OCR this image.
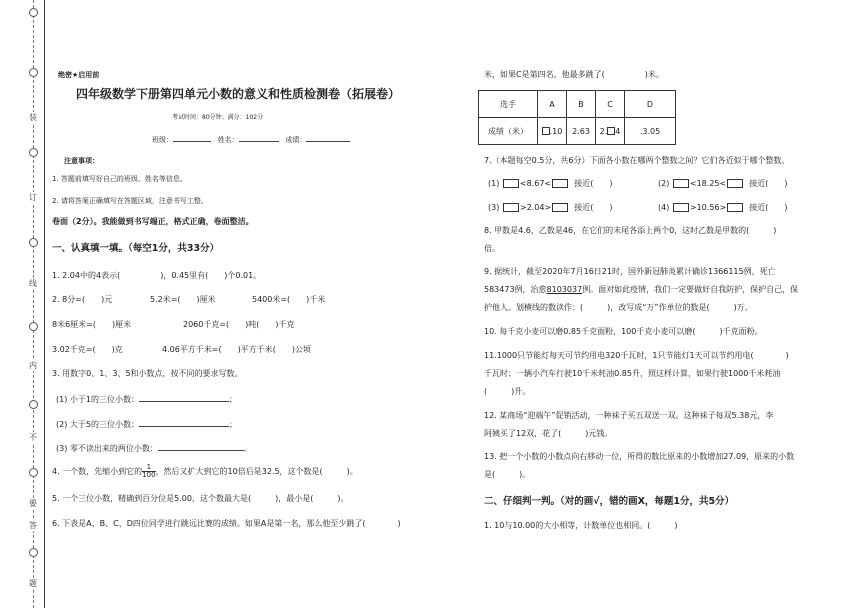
装
订
线
内
不
要
答
题
绝密★启用前
四年级数学下册第四单元小数的意义和性质检测卷（拓展卷）
考试时间：80分钟；满分：102分
班级：	姓名：	成绩：
注意事项：
1. 答题前填写好自己的班级、姓名等信息。
2. 请将答案正确填写在答题区域，注意书写工整。
卷面（2分）。我能做到书写端正，格式正确，卷面整洁。
一、认真填一填。（每空1分，共33分）
1. 2.04中的4表示(　　　　　)，0.45里有(　　)个0.01。
2. 8分=(　　)元	5.2米=(　　)厘米	5400米=(　　)千米
8米6厘米=(　　)厘米	2060千克=(　　)吨(　　)千克
3.02千克=(　　)克	4.06平方千米=(　　)平方千米(　　)公顷
3. 用数字0、1、3、5和小数点，按不同的要求写数。
(1) 小于1的三位小数：	；
(2) 大于5的三位小数：	；
(3) 零不读出来的两位小数：	。
4. 一个数，先缩小到它的 $\frac{1}{100}$ ，然后又扩大到它的10倍后是32.5，这个数是(　　　)。
5. 一个三位小数，精确到百分位是5.00，这个数最大是(　　　)，最小是(　　　)。
6. 下表是A、B、C、D四位同学进行跳远比赛的成绩。如果A是第一名，那么他至少跳了(　　　　)
米，如果C是第四名，他最多跳了(　　　　　)米。
选手	A	B	C	D
成绩（米）	.10	2.63	2. 4	.3.05
7.（本题每空0.5分，共6分）下面各小数在哪两个整数之间？它们各近似于哪个整数。
(1)	<8.67<	接近(　　)	(2)	<18.25<	接近(　　)
(3)	>2.04>	接近(　　)	(4)	>10.56>	接近(　　)
8. 甲数是4.6，乙数是46，在它们的末尾各添上两个0，这时乙数是甲数的(　　　)
倍。
9. 据统计，截至2020年7月16日21时，国外新冠肺炎累计确诊1366115例，死亡
583473例，治愈8103037例。面对如此疫情，我们一定要做好自我防护，保护自己，保
护他人。划横线的数读作：(　　　)，改写成“万”作单位的数是(　　　)万。
10. 每千克小麦可以磨0.85千克面粉，100千克小麦可以磨(　　　)千克面粉。
11.1000只节能灯每天可节约用电320千瓦时，1只节能灯1天可以节约用电(　　　　)
千瓦时；一辆小汽车行驶10千米耗油0.85升，照这样计算，如果行驶1000千米耗油
(　　　)升。
12. 某商场“迎端午”促销活动，一种袜子买五双送一双。这种袜子每双5.38元，李
阿姨买了12双，花了(　　　)元钱。
13. 把一个小数的小数点向右移动一位，所得的数比原来的小数增加27.09，原来的小数
是(　　　)。
二、仔细判一判。（对的画√，错的画X，每题1分，共5分）
1. 10与10.00的大小相等，计数单位也相同。(　　　)
